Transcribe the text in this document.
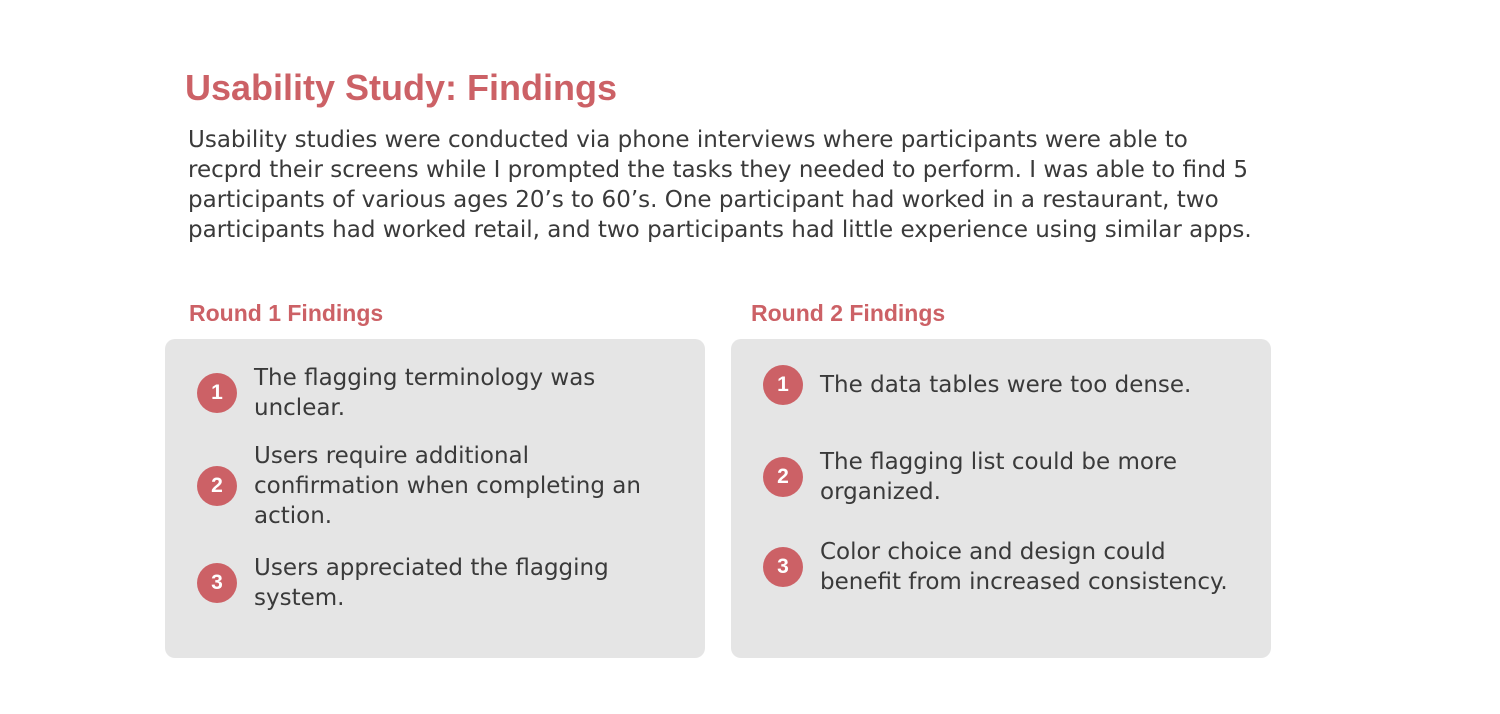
Usability Study: Findings

Usability studies were conducted via phone interviews where participants were able to recprd their screens while I prompted the tasks they needed to perform. I was able to find 5 participants of various ages 20’s to 60’s. One participant had worked in a restaurant, two participants had worked retail, and two participants had little experience using similar apps.

Round 1 Findings	Round 2 Findings
1
The flagging terminology was unclear.
2
Users require additional confirmation when completing an action.
3
Users appreciated the flagging system.
1	The data tables were too dense.
2
The flagging list could be more organized.
3
Color choice and design could benefit from increased consistency.
